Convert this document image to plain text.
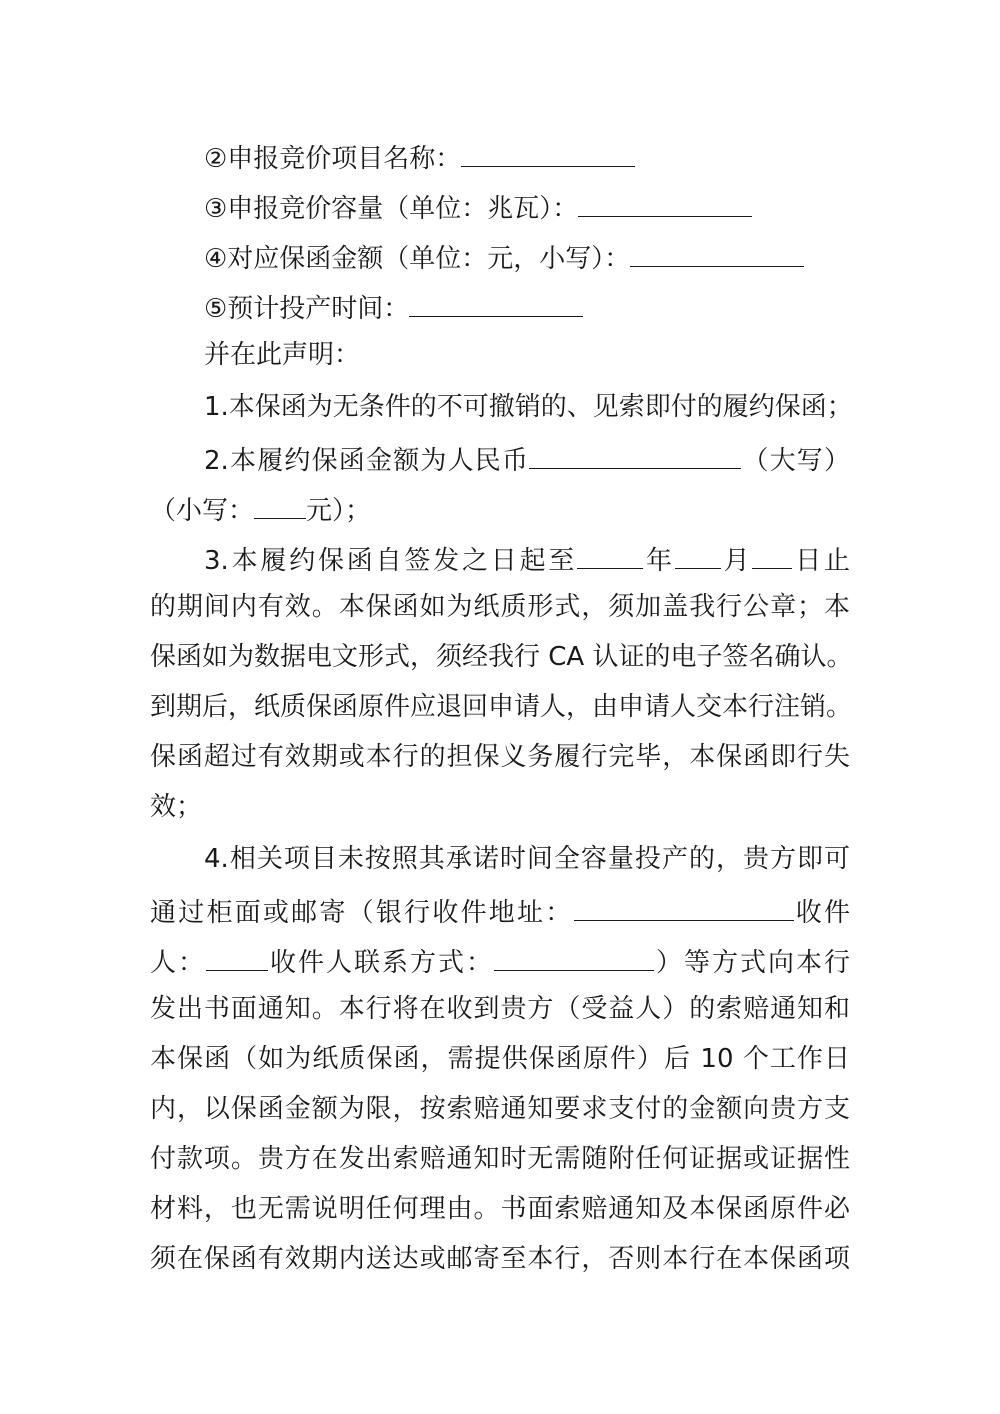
②申报竞价项目名称：
③申报竞价容量（单位：兆瓦）：
④对应保函金额（单位：元，小写）：
⑤预计投产时间：
并在此声明：
1.本保函为无条件的不可撤销的、见索即付的履约保函；
2.本履约保函金额为人民币	（大写）
（小写： 元）；
3.本履约保函自签发之日起至	年 月 日止
的期间内有效。本保函如为纸质形式，须加盖我行公章；本
保函如为数据电文形式，须经我行 CA 认证的电子签名确认。
到期后，纸质保函原件应退回申请人，由申请人交本行注销。
保函超过有效期或本行的担保义务履行完毕，本保函即行失
效；
4.相关项目未按照其承诺时间全容量投产的，贵方即可
通过柜面或邮寄（银行收件地址：	收件
人： 收件人联系方式：	）等方式向本行
发出书面通知。本行将在收到贵方（受益人）的索赔通知和
本保函（如为纸质保函，需提供保函原件）后 10 个工作日
内，以保函金额为限，按索赔通知要求支付的金额向贵方支
付款项。贵方在发出索赔通知时无需随附任何证据或证据性
材料，也无需说明任何理由。书面索赔通知及本保函原件必
须在保函有效期内送达或邮寄至本行，否则本行在本保函项
